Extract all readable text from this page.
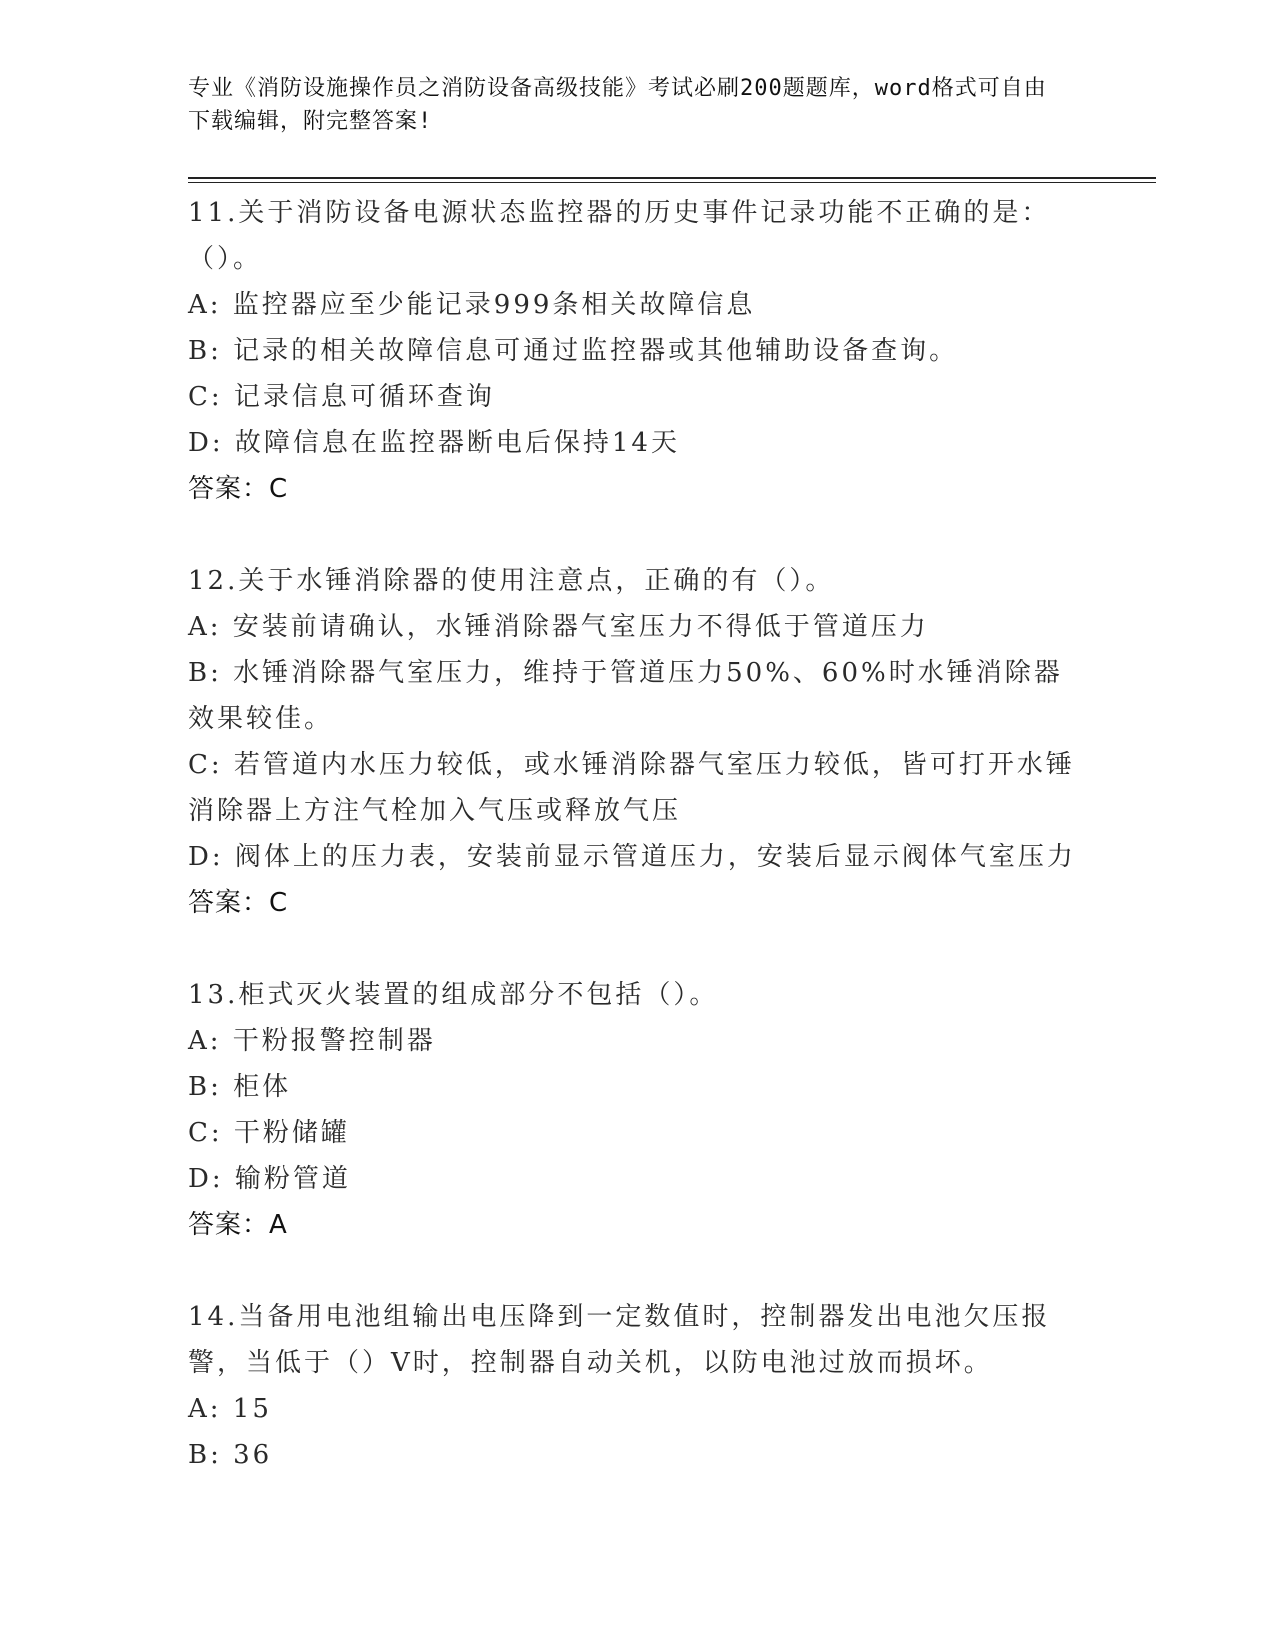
专业《消防设施操作员之消防设备高级技能》考试必刷200题题库，word格式可自由下载编辑，附完整答案!
11.关于消防设备电源状态监控器的历史事件记录功能不正确的是：（）。
A: 监控器应至少能记录999条相关故障信息
B: 记录的相关故障信息可通过监控器或其他辅助设备查询。
C: 记录信息可循环查询
D: 故障信息在监控器断电后保持14天
答案：C
12.关于水锤消除器的使用注意点，正确的有（）。
A: 安装前请确认，水锤消除器气室压力不得低于管道压力
B: 水锤消除器气室压力，维持于管道压力50%、60%时水锤消除器效果较佳。
C: 若管道内水压力较低，或水锤消除器气室压力较低，皆可打开水锤消除器上方注气栓加入气压或释放气压
D: 阀体上的压力表，安装前显示管道压力，安装后显示阀体气室压力
答案：C
13.柜式灭火装置的组成部分不包括（）。
A: 干粉报警控制器
B: 柜体
C: 干粉储罐
D: 输粉管道
答案：A
14.当备用电池组输出电压降到一定数值时，控制器发出电池欠压报警，当低于（）V时，控制器自动关机，以防电池过放而损坏。
A: 15
B: 36
